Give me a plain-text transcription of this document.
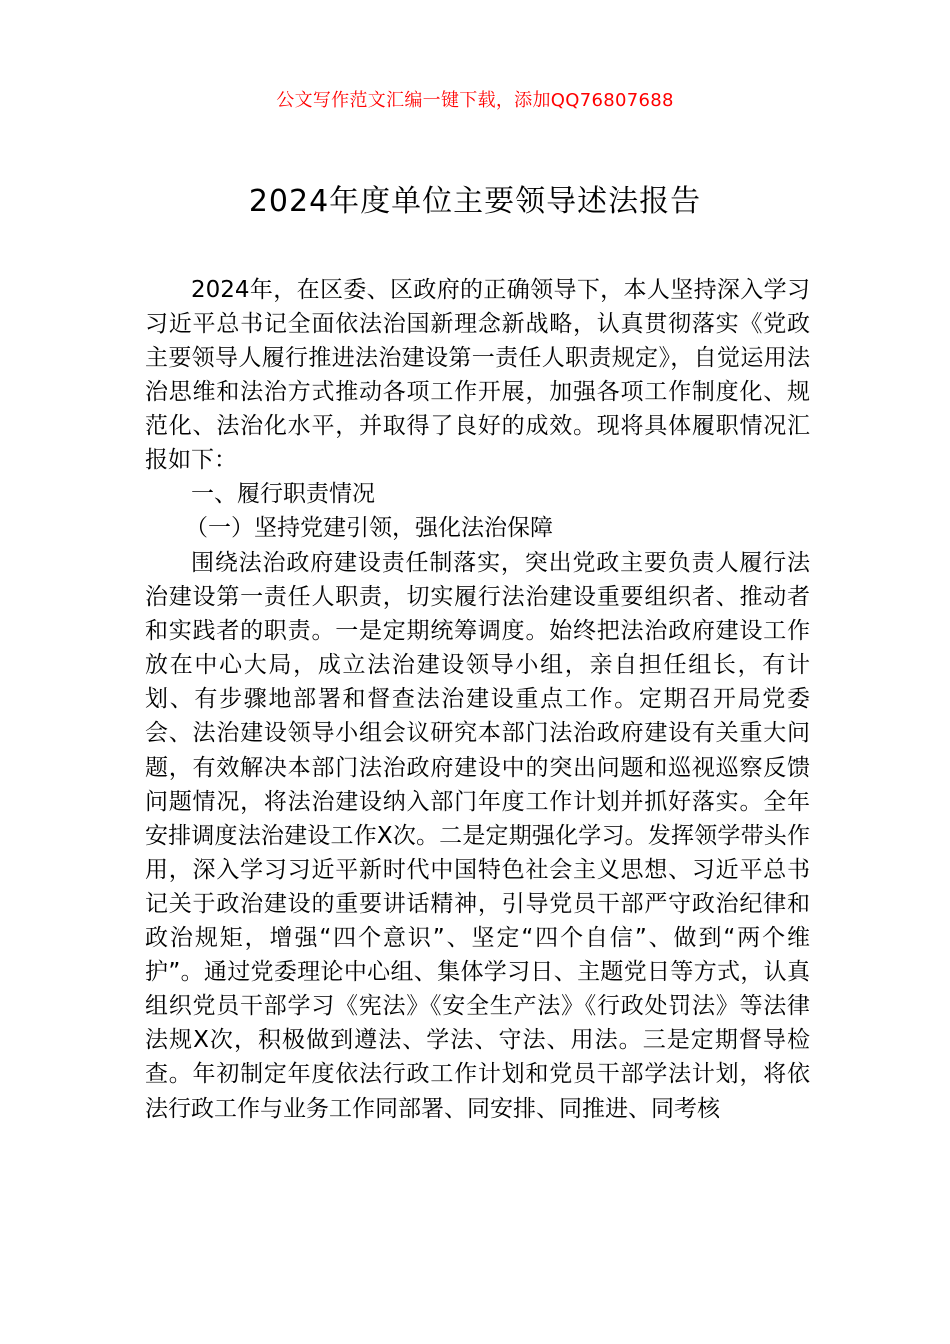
公文写作范文汇编一键下载，添加QQ76807688
2024年度单位主要领导述法报告

2024年，在区委、区政府的正确领导下，本人坚持深入学习习近平总书记全面依法治国新理念新战略，认真贯彻落实《党政主要领导人履行推进法治建设第一责任人职责规定》，自觉运用法治思维和法治方式推动各项工作开展，加强各项工作制度化、规范化、法治化水平，并取得了良好的成效。现将具体履职情况汇报如下：

一、履行职责情况
（一）坚持党建引领，强化法治保障

围绕法治政府建设责任制落实，突出党政主要负责人履行法治建设第一责任人职责，切实履行法治建设重要组织者、推动者和实践者的职责。一是定期统筹调度。始终把法治政府建设工作放在中心大局，成立法治建设领导小组，亲自担任组长，有计划、有步骤地部署和督查法治建设重点工作。定期召开局党委会、法治建设领导小组会议研究本部门法治政府建设有关重大问题，有效解决本部门法治政府建设中的突出问题和巡视巡察反馈问题情况，将法治建设纳入部门年度工作计划并抓好落实。全年安排调度法治建设工作X次。二是定期强化学习。发挥领学带头作用，深入学习习近平新时代中国特色社会主义思想、习近平总书记关于政治建设的重要讲话精神，引导党员干部严守政治纪律和政治规矩，增强“四个意识”、坚定“四个自信”、做到“两个维护”。通过党委理论中心组、集体学习日、主题党日等方式，认真组织党员干部学习《宪法》《安全生产法》《行政处罚法》等法律法规X次，积极做到遵法、学法、守法、用法。三是定期督导检查。年初制定年度依法行政工作计划和党员干部学法计划，将依法行政工作与业务工作同部署、同安排、同推进、同考核
